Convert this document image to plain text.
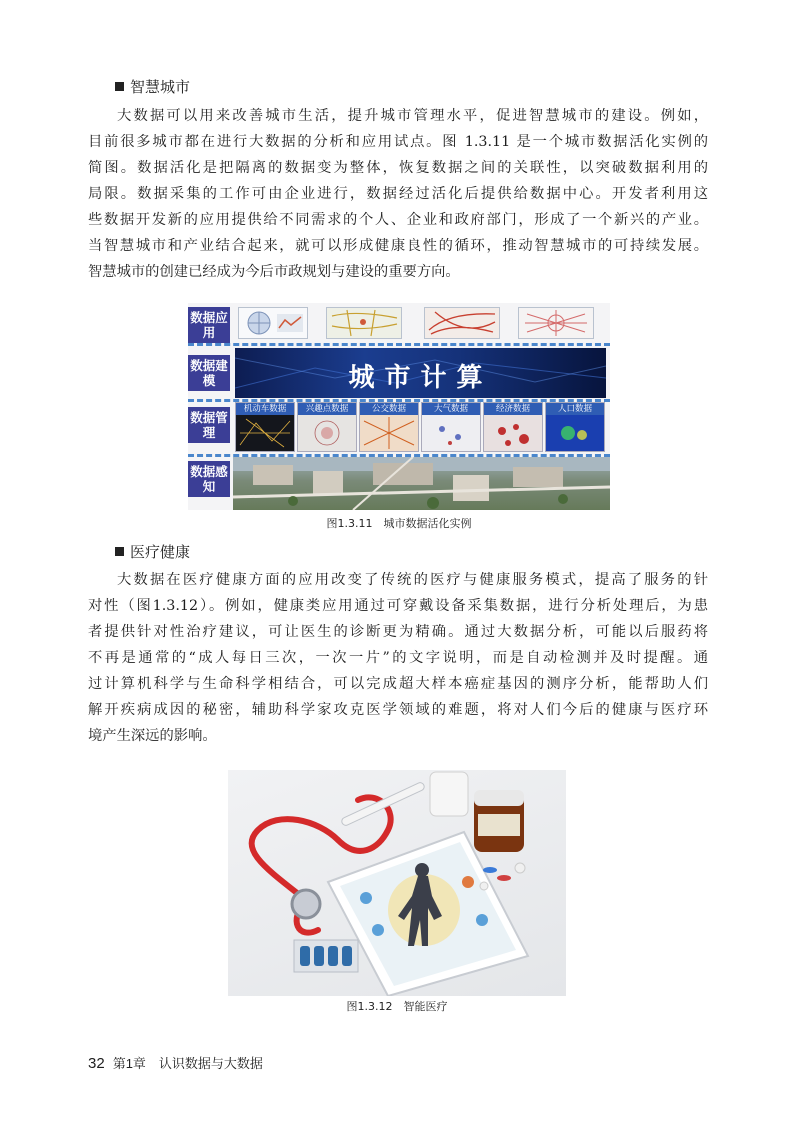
智慧城市
大数据可以用来改善城市生活，提升城市管理水平，促进智慧城市的建设。例如，
目前很多城市都在进行大数据的分析和应用试点。图 1.3.11 是一个城市数据活化实例的
简图。数据活化是把隔离的数据变为整体，恢复数据之间的关联性，以突破数据利用的
局限。数据采集的工作可由企业进行，数据经过活化后提供给数据中心。开发者利用这
些数据开发新的应用提供给不同需求的个人、企业和政府部门，形成了一个新兴的产业。
当智慧城市和产业结合起来，就可以形成健康良性的循环，推动智慧城市的可持续发展。
智慧城市的创建已经成为今后市政规划与建设的重要方向。
数据应用
数据建模
数据管理
数据感知
城市计算
机动车数据	兴趣点数据	公交数据	大气数据	经济数据	人口数据
图1.3.11　城市数据活化实例
医疗健康
大数据在医疗健康方面的应用改变了传统的医疗与健康服务模式，提高了服务的针
对性（图1.3.12）。例如，健康类应用通过可穿戴设备采集数据，进行分析处理后，为患
者提供针对性治疗建议，可让医生的诊断更为精确。通过大数据分析，可能以后服药将
不再是通常的“成人每日三次，一次一片”的文字说明，而是自动检测并及时提醒。通
过计算机科学与生命科学相结合，可以完成超大样本癌症基因的测序分析，能帮助人们
解开疾病成因的秘密，辅助科学家攻克医学领域的难题，将对人们今后的健康与医疗环
境产生深远的影响。
图1.3.12　智能医疗
32 第1章　认识数据与大数据
